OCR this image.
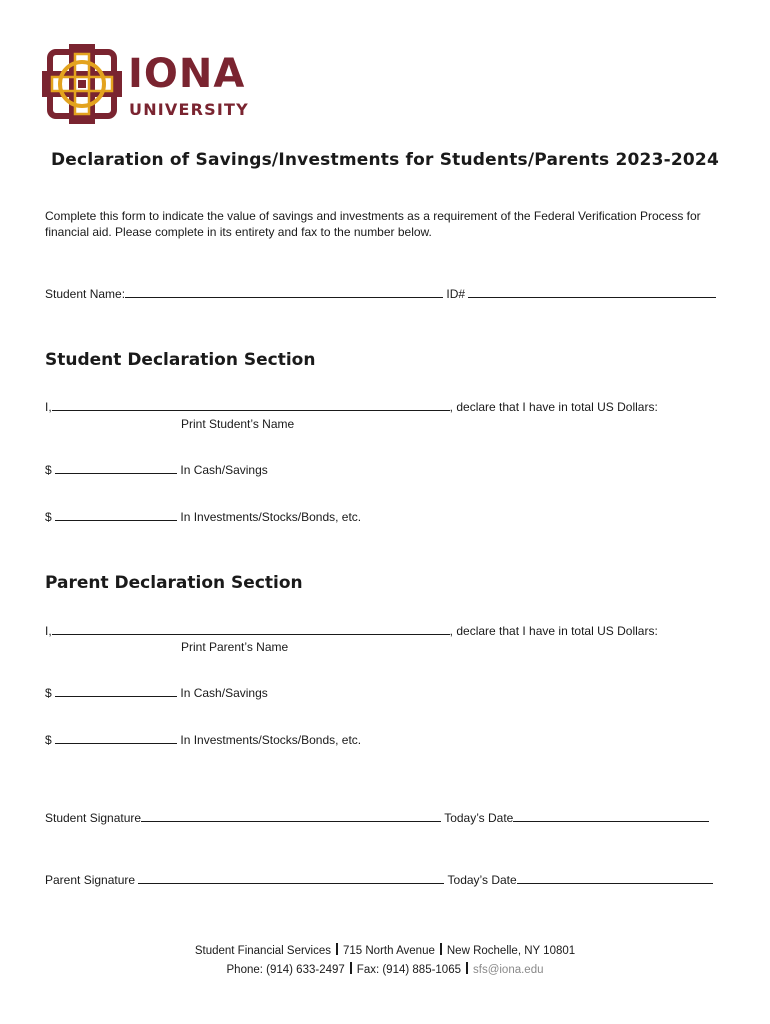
IONA
UNIVERSITY
Declaration of Savings/Investments for Students/Parents 2023-2024
Complete this form to indicate the value of savings and investments as a requirement of the Federal Verification Process for financial aid. Please complete in its entirety and fax to the number below.
Student Name:	ID#
Student Declaration Section
I,	, declare that I have in total US Dollars:
Print Student’s Name
$	In Cash/Savings
$	In Investments/Stocks/Bonds, etc.
Parent Declaration Section
I,	, declare that I have in total US Dollars:
Print Parent’s Name
$	In Cash/Savings
$	In Investments/Stocks/Bonds, etc.
Student Signature	Today’s Date
Parent Signature	Today’s Date
Student Financial Services 715 North Avenue New Rochelle, NY 10801
Phone: (914) 633-2497 Fax: (914) 885-1065 sfs@iona.edu
